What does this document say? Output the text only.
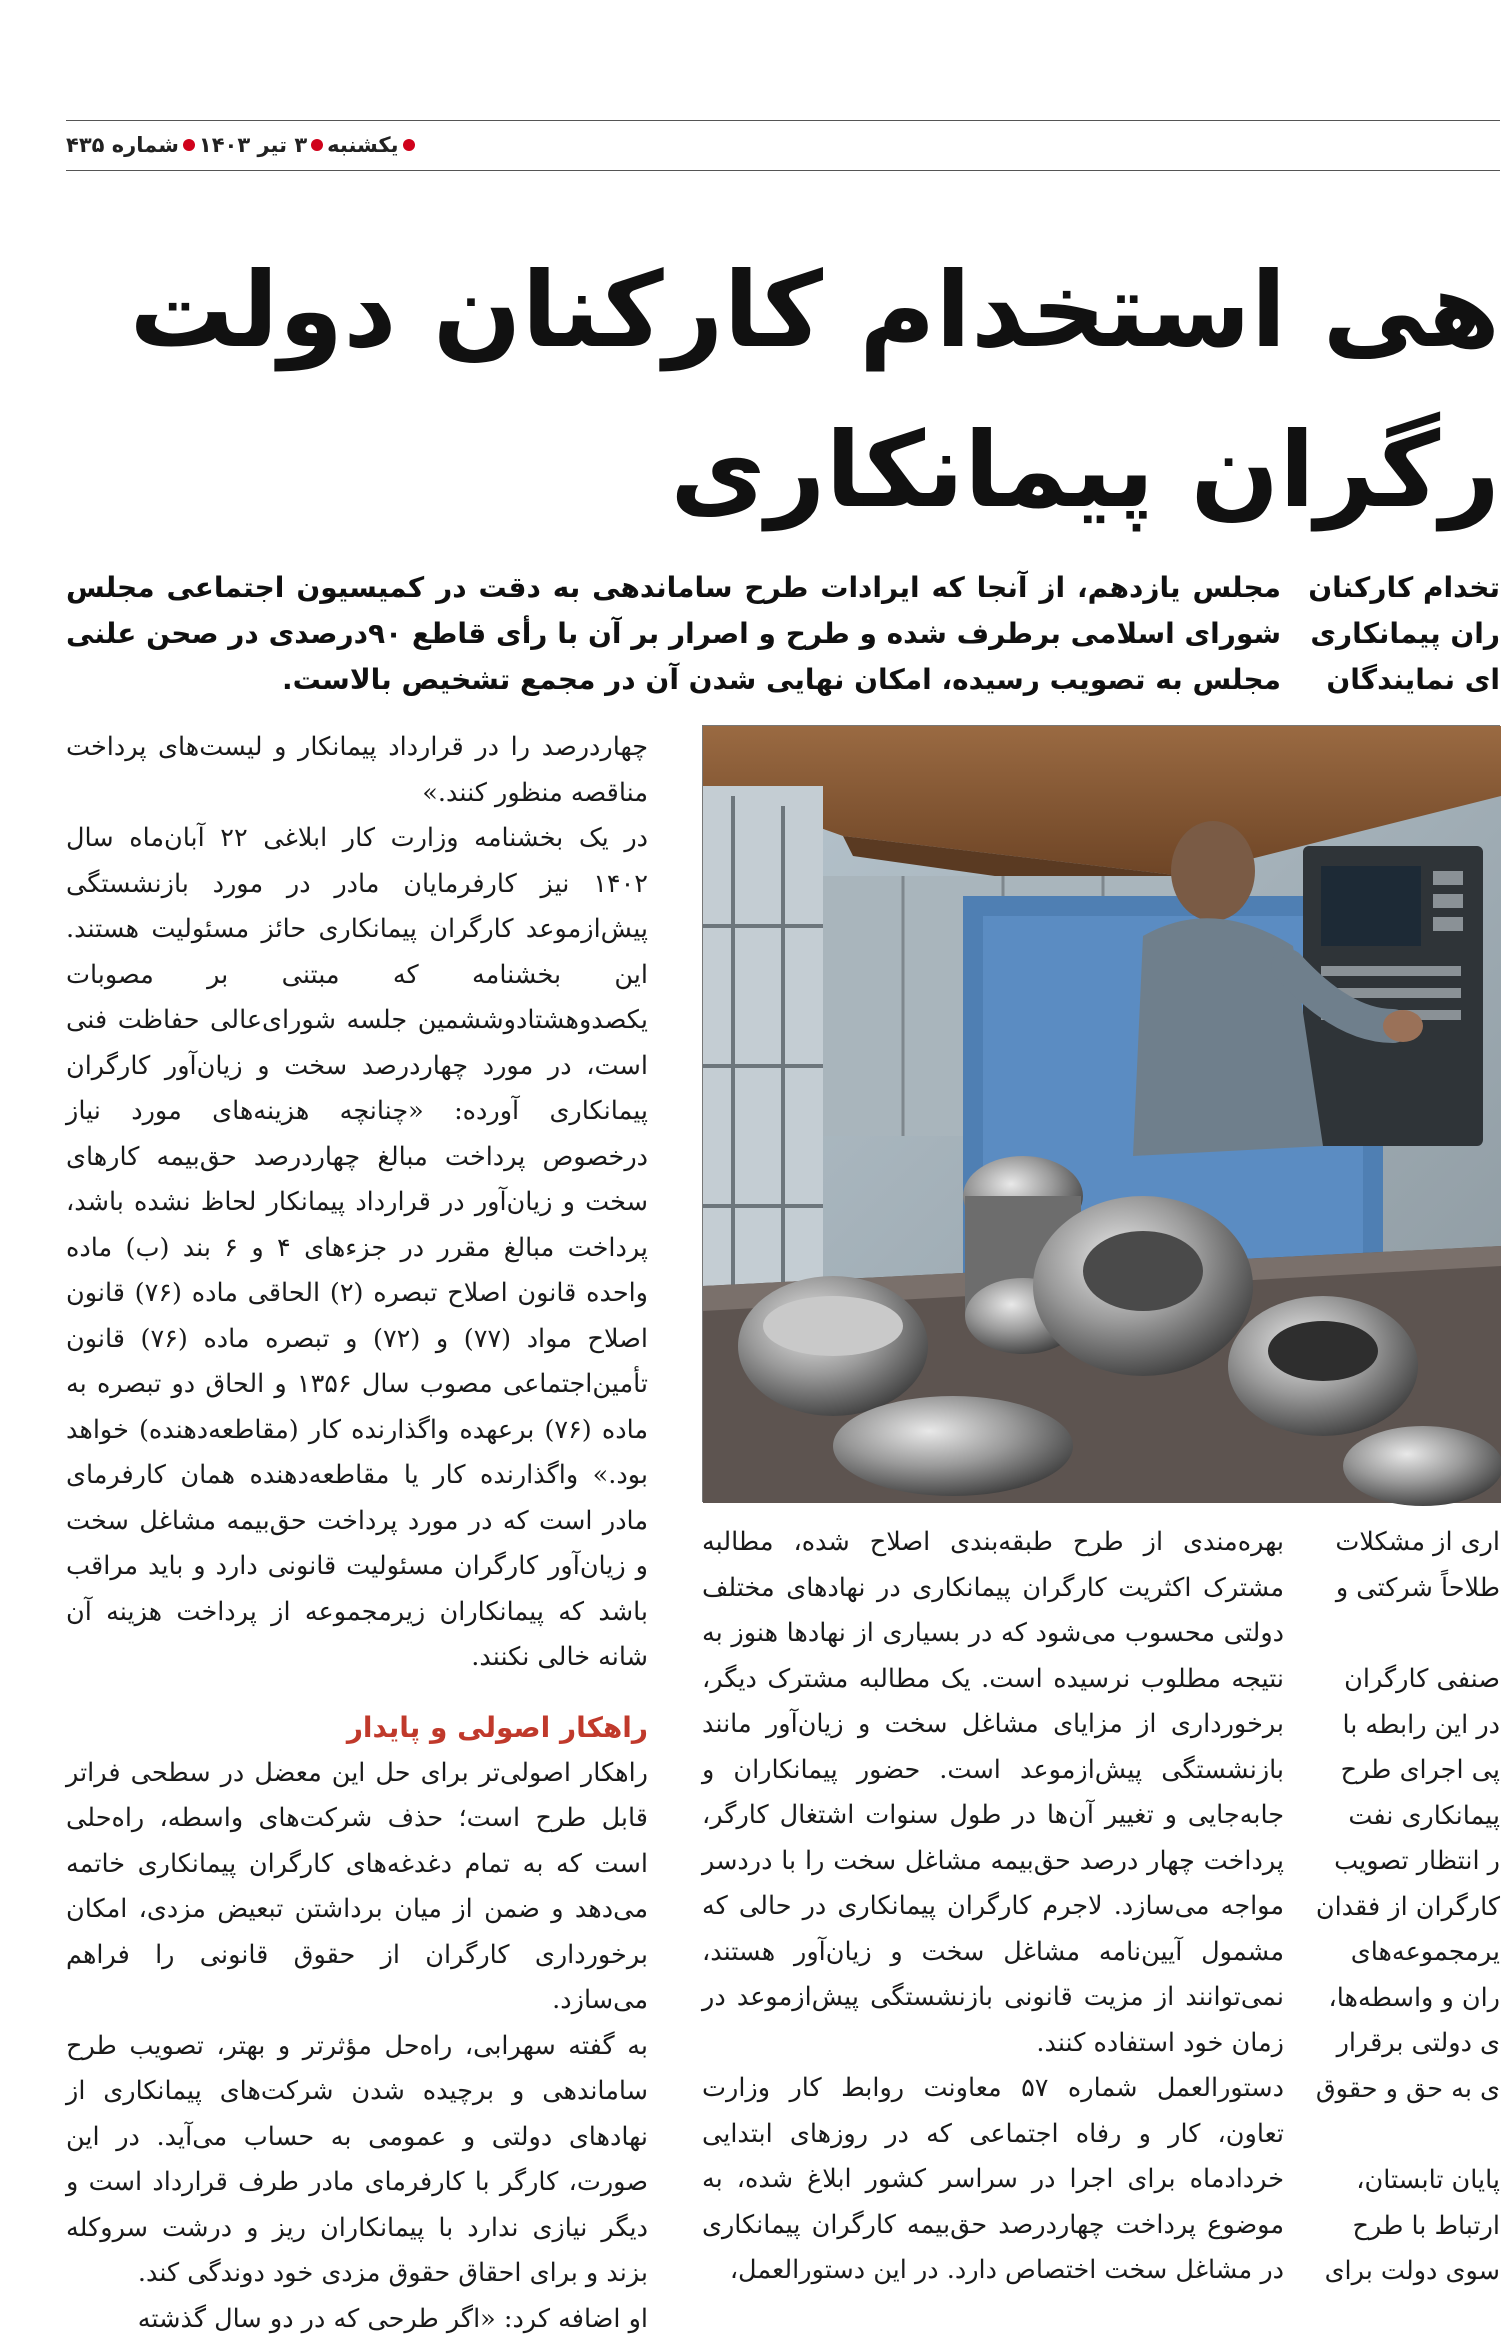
یکشنبه
۳ تیر ۱۴۰۳
شماره ۴۳۵
هی استخدام کارکنان دولت
رگران پیمانکاری
مجلس یازدهم، از آنجا که ایرادات طرح ساماندهی به دقت در کمیسیون اجتماعی مجلس شورای اسلامی برطرف شده و طرح و اصرار بر آن با رأی قاطع ۹۰درصدی در صحن علنی مجلس به تصویب رسیده، امکان نهایی شدن آن در مجمع تشخیص بالاست.
تخدام کارکنان
ران پیمانکاری
ای نمایندگان

چهاردرصد را در قرارداد پیمانکار و لیست‌های پرداخت مناقصه منظور کنند.»

در یک بخشنامه وزارت کار ابلاغی ۲۲ آبان‌ماه سال ۱۴۰۲ نیز کارفرمایان مادر در مورد بازنشستگی پیش‌ازموعد کارگران پیمانکاری حائز مسئولیت هستند. این بخشنامه که مبتنی بر مصوبات یکصدوهشتادوششمین جلسه شورای‌عالی حفاظت فنی است، در مورد چهاردرصد سخت و زیان‌آور کارگران پیمانکاری آورده: «چنانچه هزینه‌های مورد نیاز درخصوص پرداخت مبالغ چهاردرصد حق‌بیمه کارهای سخت و زیان‌آور در قرارداد پیمانکار لحاظ نشده باشد، پرداخت مبالغ مقرر در جزءهای ۴ و ۶ بند (ب) ماده واحده قانون اصلاح تبصره (۲) الحاقی ماده (۷۶) قانون اصلاح مواد (۷۷) و (۷۲) و تبصره ماده (۷۶) قانون تأمین‌اجتماعی مصوب سال ۱۳۵۶ و الحاق دو تبصره به ماده (۷۶) برعهده واگذارنده کار (مقاطعه‌دهنده) خواهد بود.» واگذارنده کار یا مقاطعه‌دهنده همان کارفرمای مادر است که در مورد پرداخت حق‌بیمه مشاغل سخت و زیان‌آور کارگران مسئولیت قانونی دارد و باید مراقب باشد که پیمانکاران زیرمجموعه از پرداخت هزینه آن شانه خالی نکنند.

راهکار اصولی و پایدار

راهکار اصولی‌تر برای حل این معضل در سطحی فراتر قابل طرح است؛ حذف شرکت‌های واسطه، راه‌حلی است که به تمام دغدغه‌های کارگران پیمانکاری خاتمه می‌دهد و ضمن از میان برداشتن تبعیض مزدی، امکان برخورداری کارگران از حقوق قانونی را فراهم می‌سازد.

به گفته سهرابی، راه‌حل مؤثرتر و بهتر، تصویب طرح ساماندهی و برچیده شدن شرکت‌های پیمانکاری از نهادهای دولتی و عمومی به حساب می‌آید. در این صورت، کارگر با کارفرمای مادر طرف قرارداد است و دیگر نیازی ندارد با پیمانکاران ریز و درشت سروکله بزند و برای احقاق حقوق مزدی خود دوندگی کند.

او اضافه کرد: «اگر طرحی که در دو سال گذشته

بهره‌مندی از طرح طبقه‌بندی اصلاح شده، مطالبه مشترک اکثریت کارگران پیمانکاری در نهادهای مختلف دولتی محسوب می‌شود که در بسیاری از نهادها هنوز به نتیجه مطلوب نرسیده است. یک مطالبه مشترک دیگر، برخورداری از مزایای مشاغل سخت و زیان‌آور مانند بازنشستگی پیش‌ازموعد است. حضور پیمانکاران و جابه‌جایی و تغییر آن‌ها در طول سنوات اشتغال کارگر، پرداخت چهار درصد حق‌بیمه مشاغل سخت را با دردسر مواجه می‌سازد. لاجرم کارگران پیمانکاری در حالی که مشمول آیین‌نامه مشاغل سخت و زیان‌آور هستند، نمی‌توانند از مزیت قانونی بازنشستگی پیش‌ازموعد در زمان خود استفاده کنند.

دستورالعمل شماره ۵۷ معاونت روابط کار وزارت تعاون، کار و رفاه اجتماعی که در روزهای ابتدایی خردادماه برای اجرا در سراسر کشور ابلاغ شده، به موضوع پرداخت چهاردرصد حق‌بیمه کارگران پیمانکاری در مشاغل سخت اختصاص دارد. در این دستورالعمل،

اری از مشکلات
طلاحاً شرکتی و
صنفی کارگران
در این رابطه با
پی اجرای طرح
پیمانکاری نفت
ر انتظار تصویب
کارگران از فقدان
یرمجموعه‌های
ران و واسطه‌ها،
ی دولتی برقرار
ی به حق و حقوق
پایان تابستان،
ارتباط با طرح
سوی دولت برای
